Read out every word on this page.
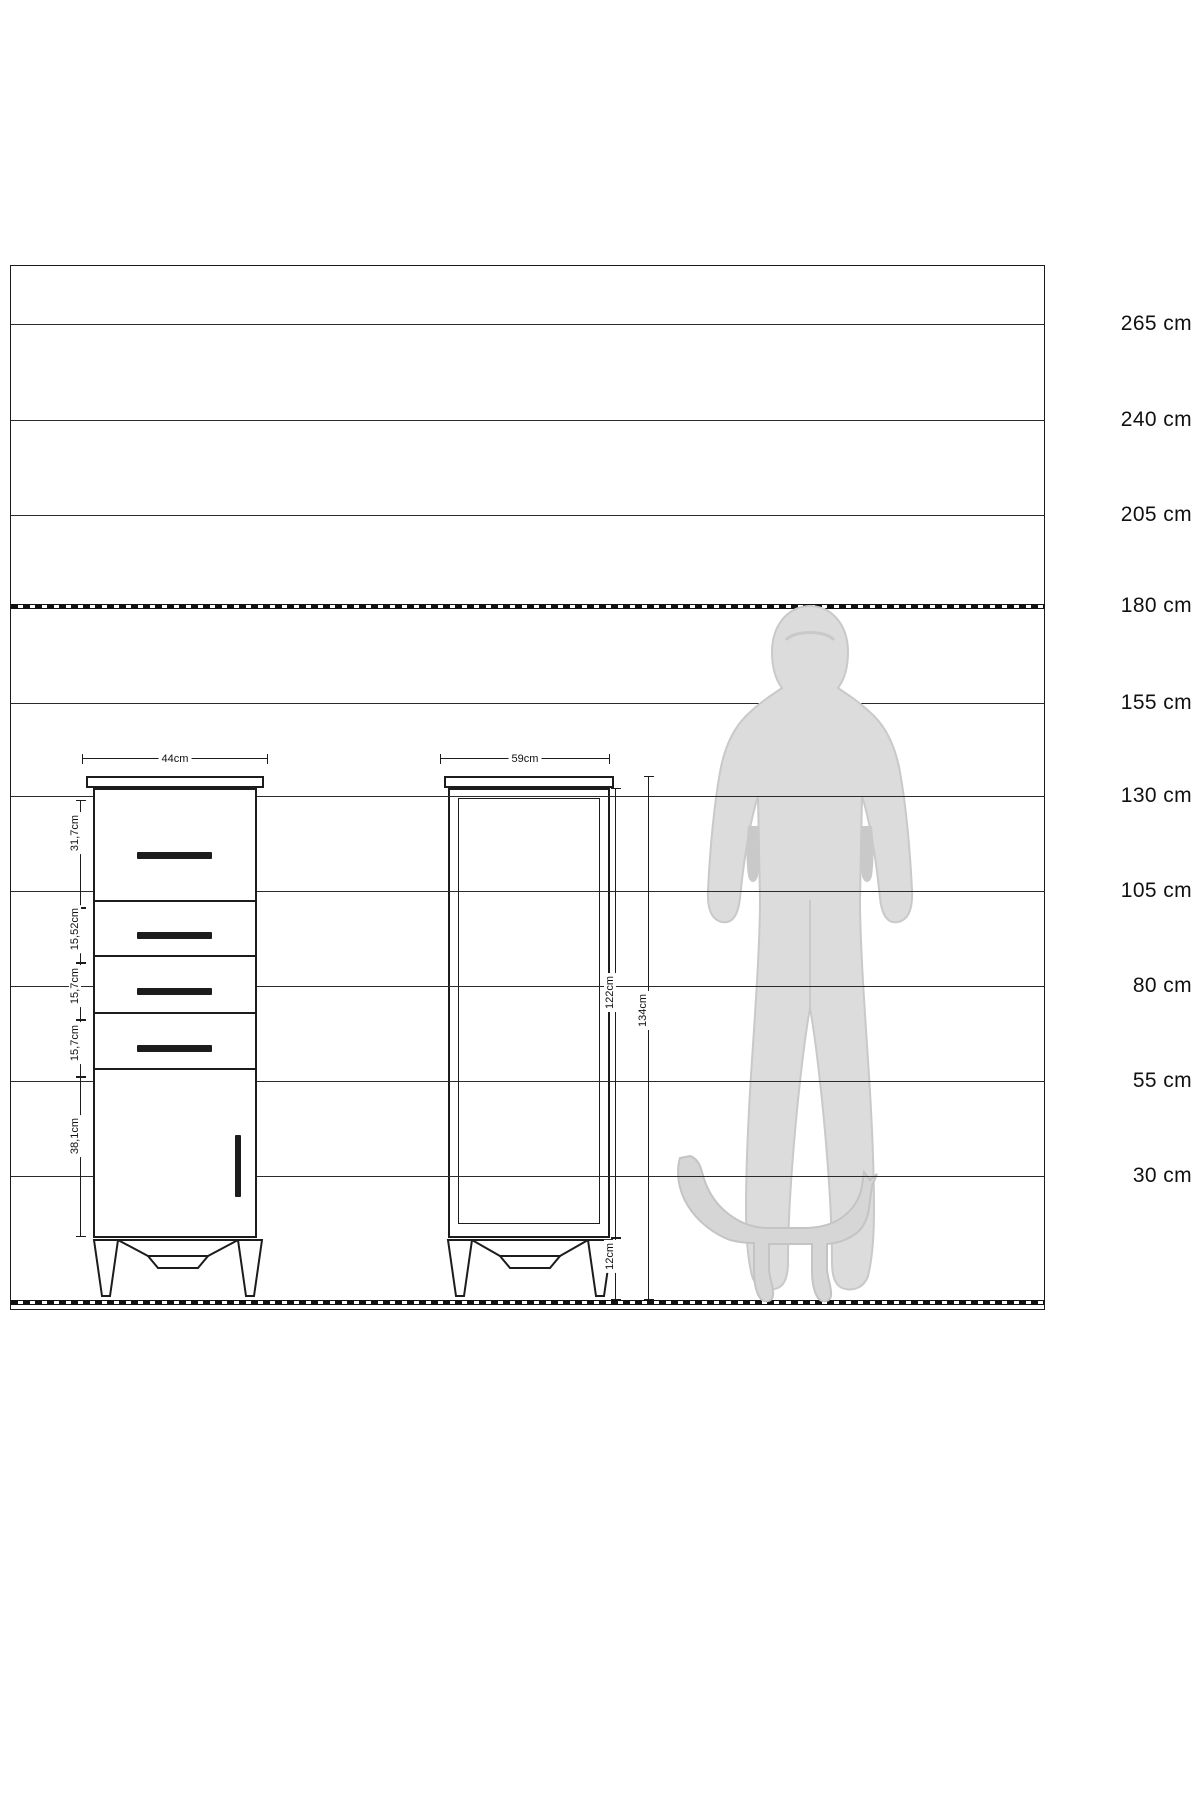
265 cm
240 cm
205 cm
180 cm
155 cm
130 cm
105 cm
80 cm
55 cm
30 cm
44cm	59cm
31,7cm
15,52cm
15,7cm
15,7cm
38,1cm
122cm
12cm
134cm
